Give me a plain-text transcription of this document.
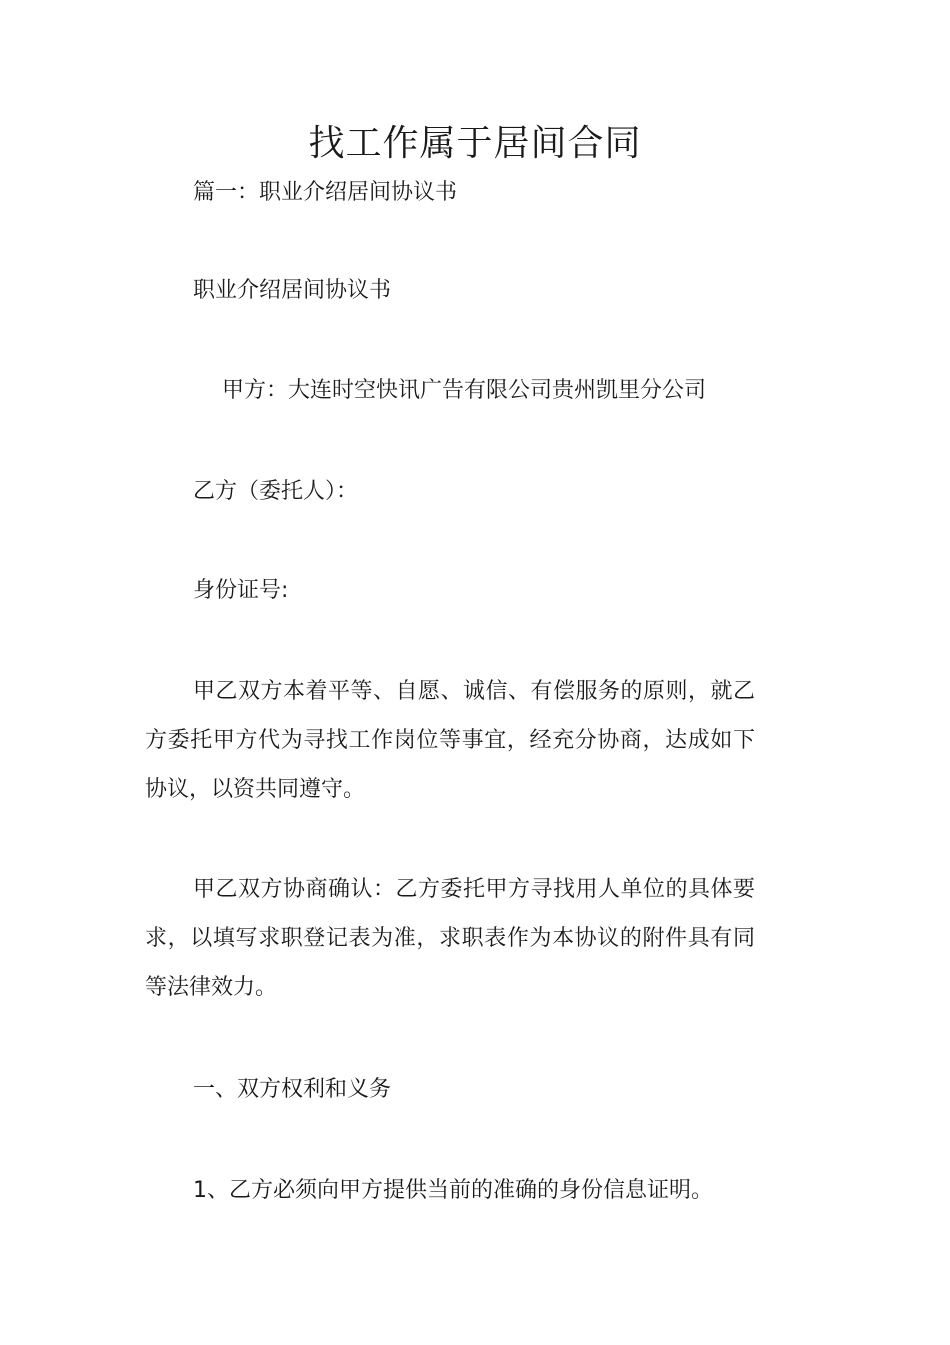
找工作属于居间合同
篇一：职业介绍居间协议书
职业介绍居间协议书
甲方：大连时空快讯广告有限公司贵州凯里分公司
乙方（委托人）：
身份证号:
甲乙双方本着平等、自愿、诚信、有偿服务的原则，就乙方委托甲方代为寻找工作岗位等事宜，经充分协商，达成如下协议，以资共同遵守。
甲乙双方协商确认：乙方委托甲方寻找用人单位的具体要求，以填写求职登记表为准，求职表作为本协议的附件具有同等法律效力。
一、双方权利和义务
1、乙方必须向甲方提供当前的准确的身份信息证明。
